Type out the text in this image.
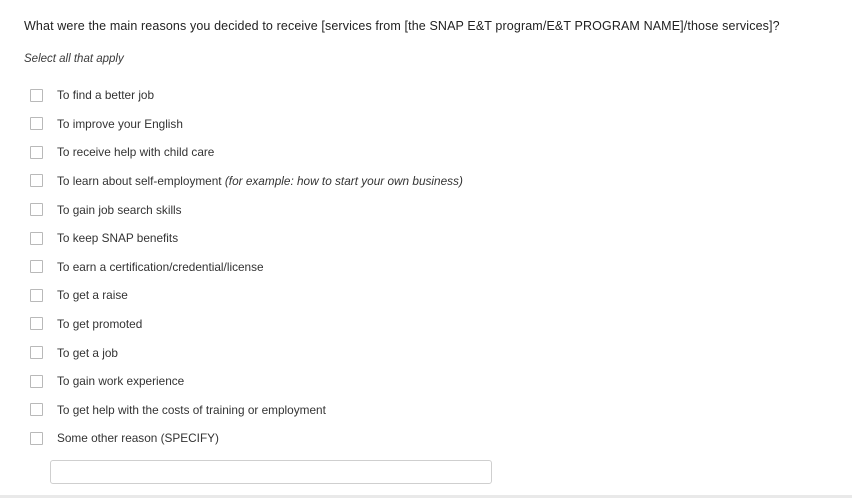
What were the main reasons you decided to receive [services from [the SNAP E&T program/E&T PROGRAM NAME]/those services]?

Select all that apply

To find a better job
To improve your English
To receive help with child care
To learn about self-employment (for example: how to start your own business)
To gain job search skills
To keep SNAP benefits
To earn a certification/credential/license
To get a raise
To get promoted
To get a job
To gain work experience
To get help with the costs of training or employment
Some other reason (SPECIFY)
